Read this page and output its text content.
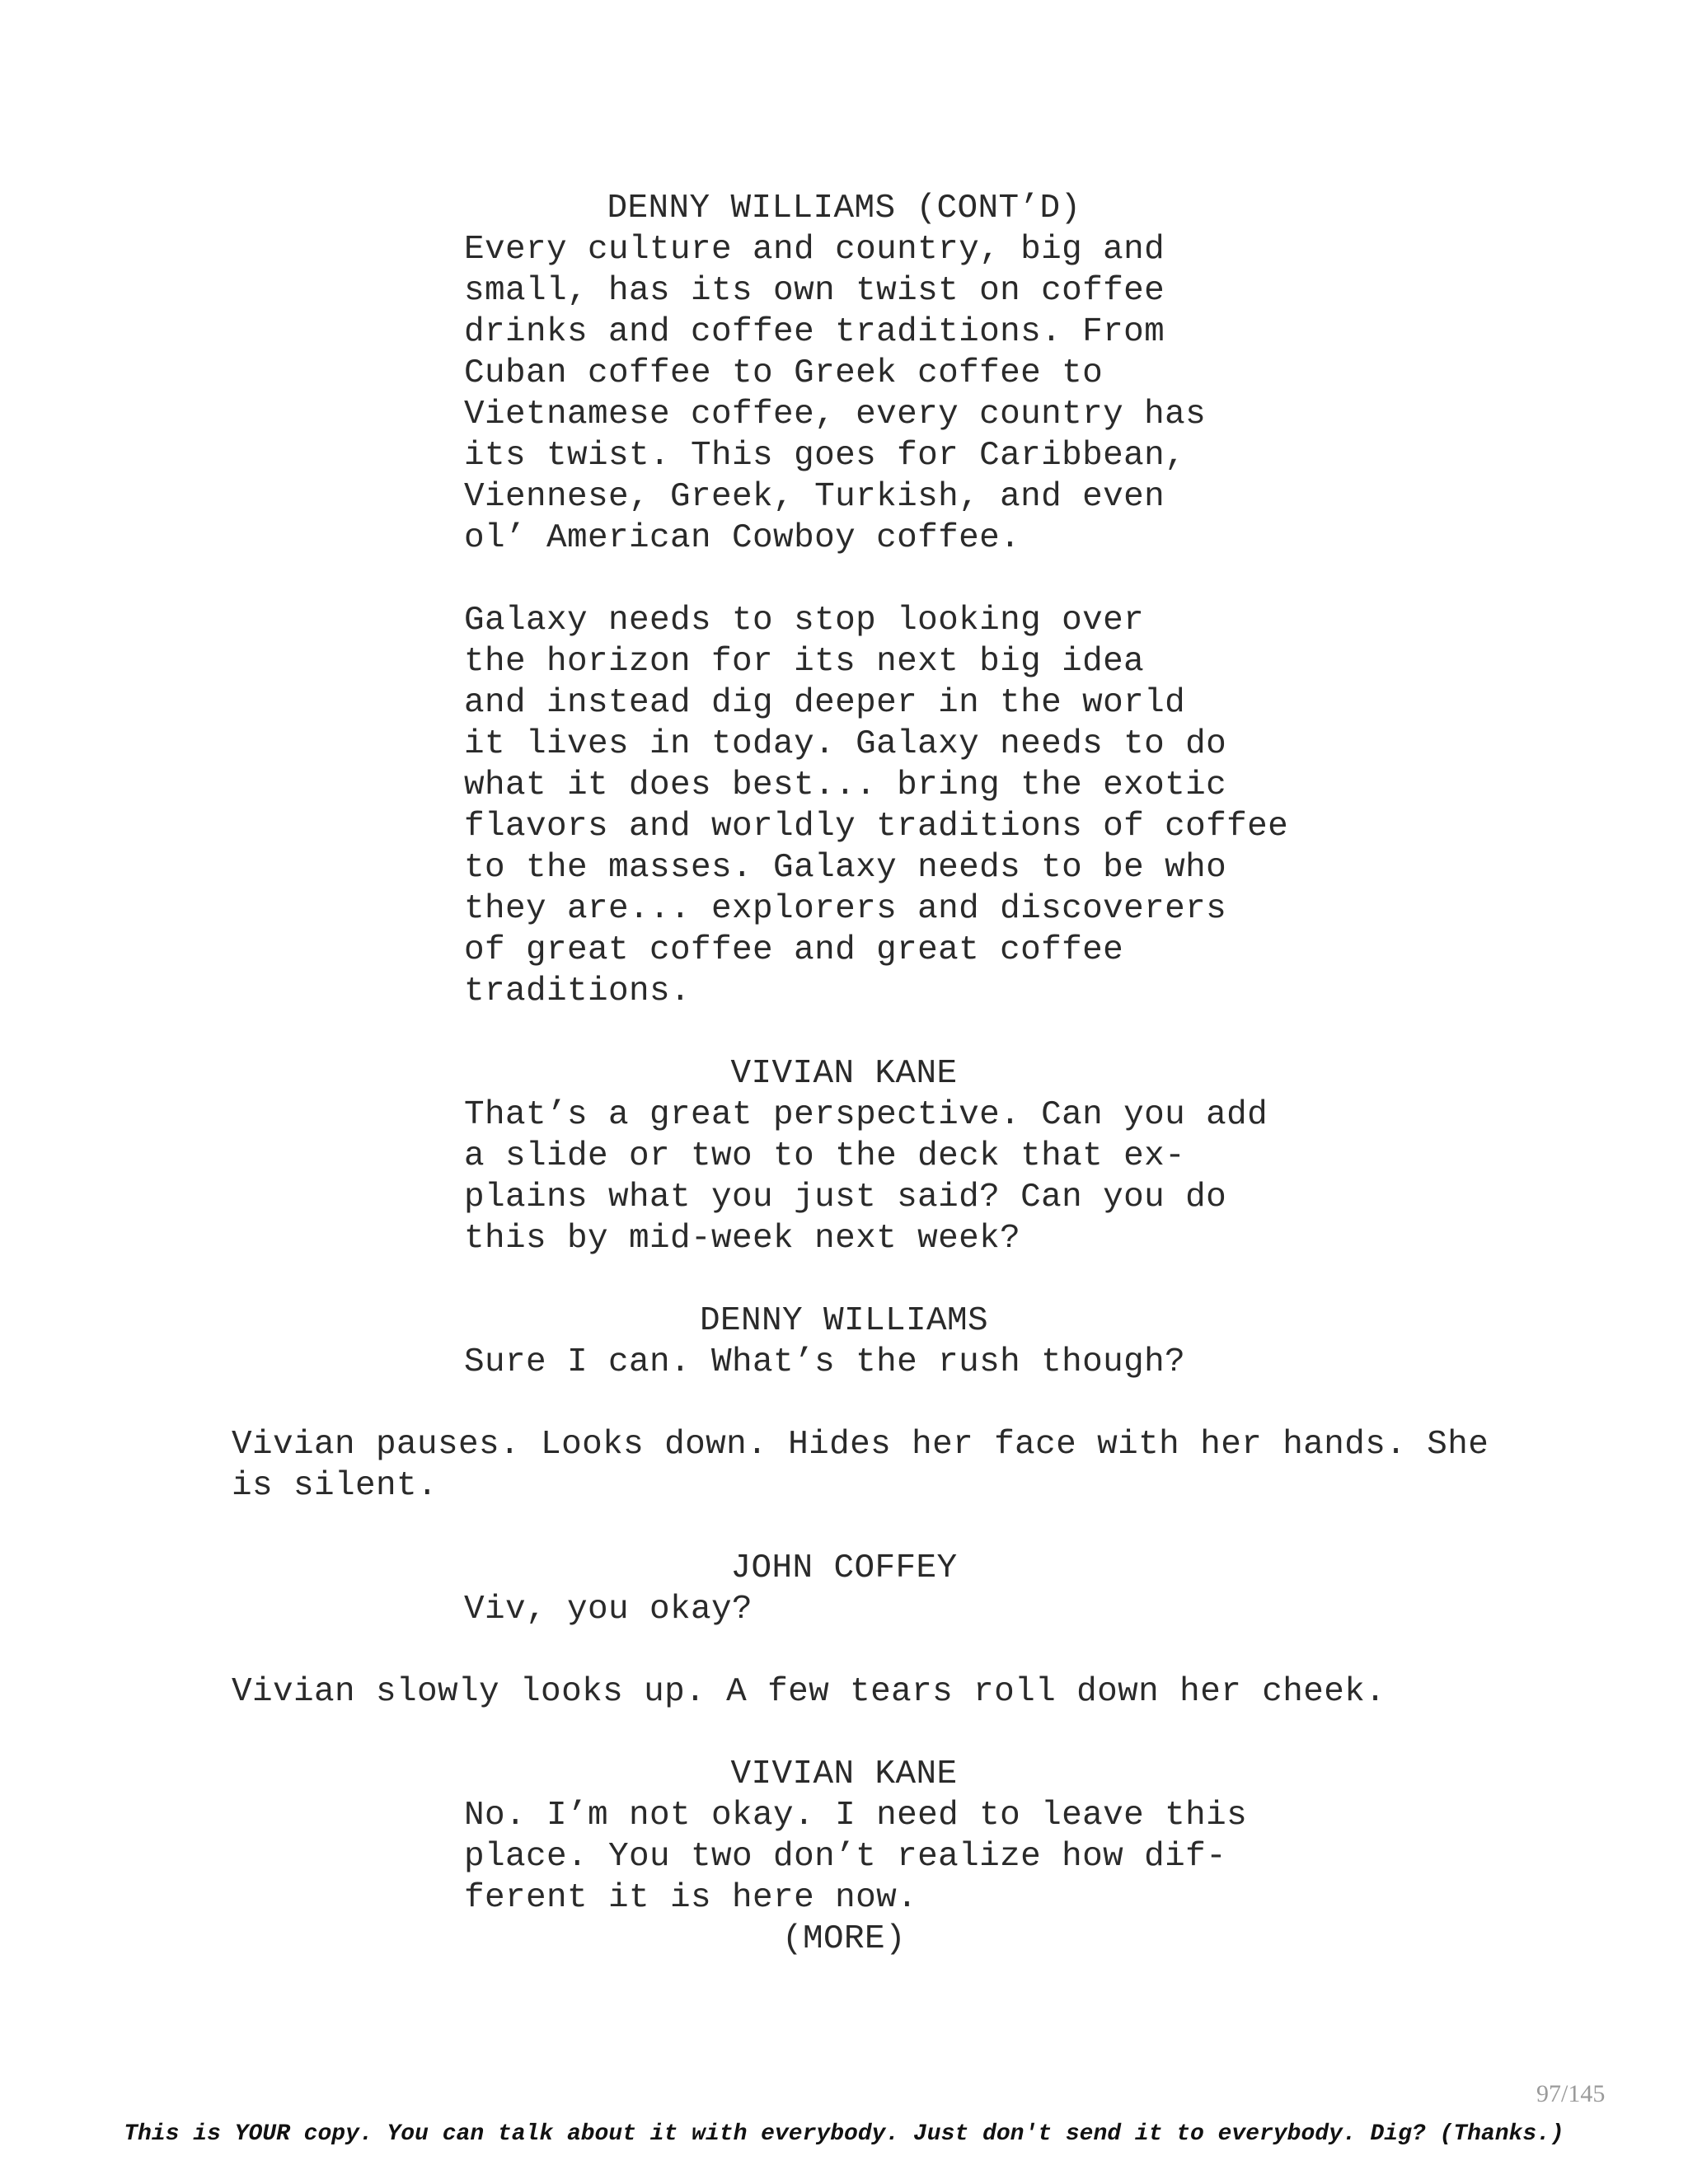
DENNY WILLIAMS (CONT’D)
Every culture and country, big and
small, has its own twist on coffee
drinks and coffee traditions. From
Cuban coffee to Greek coffee to
Vietnamese coffee, every country has
its twist. This goes for Caribbean,
Viennese, Greek, Turkish, and even
ol’ American Cowboy coffee.
Galaxy needs to stop looking over
the horizon for its next big idea
and instead dig deeper in the world
it lives in today. Galaxy needs to do
what it does best... bring the exotic
flavors and worldly traditions of coffee
to the masses. Galaxy needs to be who
they are... explorers and discoverers
of great coffee and great coffee
traditions.
VIVIAN KANE
That’s a great perspective. Can you add
a slide or two to the deck that ex-
plains what you just said? Can you do
this by mid-week next week?
DENNY WILLIAMS
Sure I can. What’s the rush though?
Vivian pauses. Looks down. Hides her face with her hands. She
is silent.
JOHN COFFEY
Viv, you okay?
Vivian slowly looks up. A few tears roll down her cheek.
VIVIAN KANE
No. I’m not okay. I need to leave this
place. You two don’t realize how dif-
ferent it is here now.
(MORE)
97/145
This is YOUR copy. You can talk about it with everybody. Just don't send it to everybody. Dig? (Thanks.)
